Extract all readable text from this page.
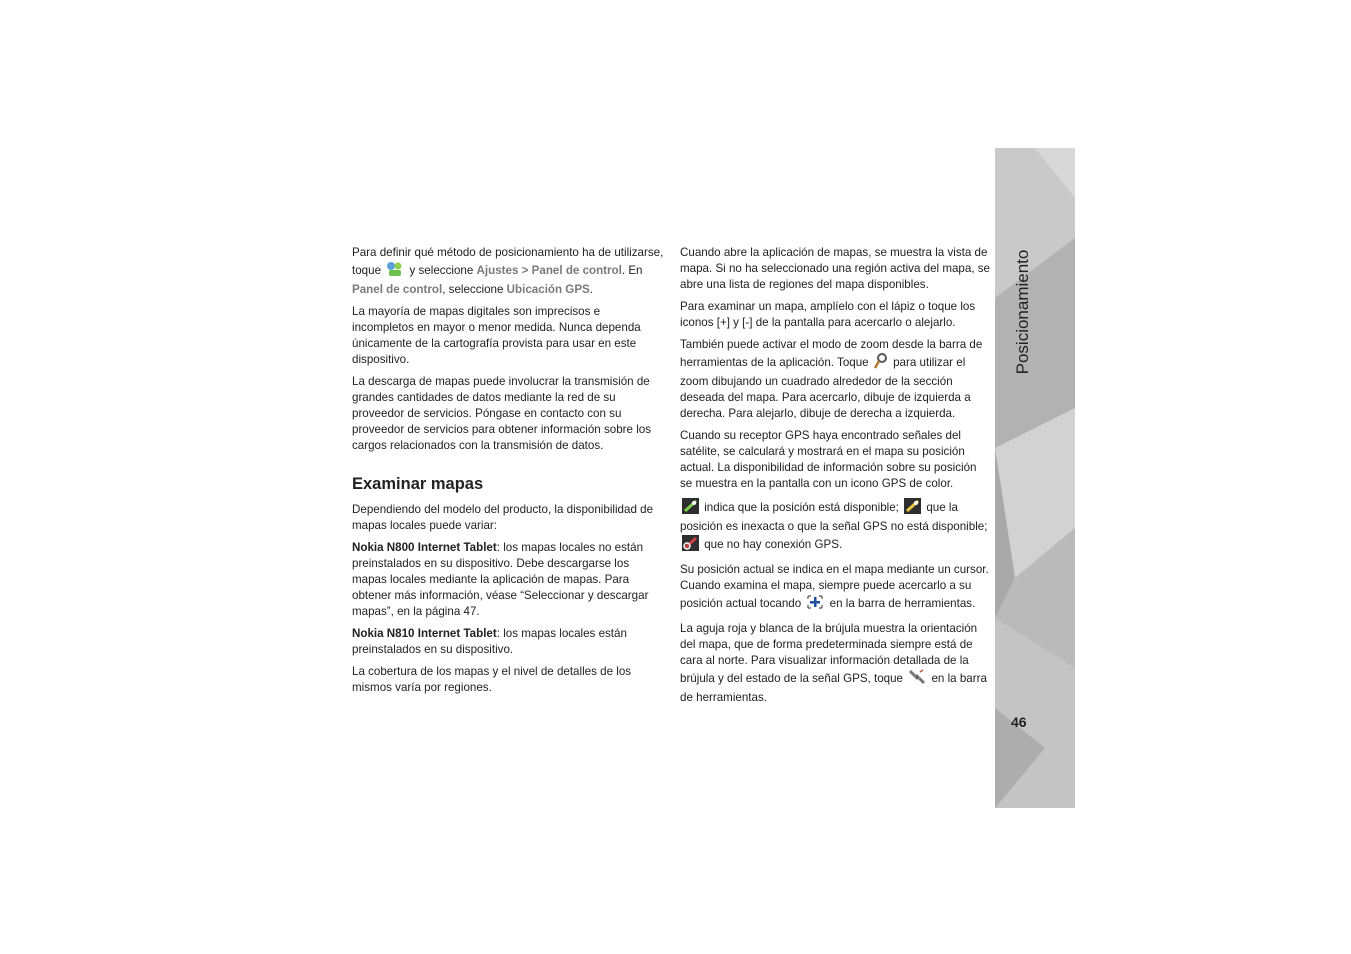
Para definir qué método de posicionamiento ha de utilizarse, toque y seleccione Ajustes > Panel de control. En Panel de control, seleccione Ubicación GPS.

La mayoría de mapas digitales son imprecisos e incompletos en mayor o menor medida. Nunca dependa únicamente de la cartografía provista para usar en este dispositivo.

La descarga de mapas puede involucrar la transmisión de grandes cantidades de datos mediante la red de su proveedor de servicios. Póngase en contacto con su proveedor de servicios para obtener información sobre los cargos relacionados con la transmisión de datos.

Examinar mapas

Dependiendo del modelo del producto, la disponibilidad de mapas locales puede variar:

Nokia N800 Internet Tablet: los mapas locales no están preinstalados en su dispositivo. Debe descargarse los mapas locales mediante la aplicación de mapas. Para obtener más información, véase “Seleccionar y descargar mapas”, en la página 47.

Nokia N810 Internet Tablet: los mapas locales están preinstalados en su dispositivo.

La cobertura de los mapas y el nivel de detalles de los mismos varía por regiones.

Cuando abre la aplicación de mapas, se muestra la vista de mapa. Si no ha seleccionado una región activa del mapa, se abre una lista de regiones del mapa disponibles.

Para examinar un mapa, amplíelo con el lápiz o toque los iconos [+] y [-] de la pantalla para acercarlo o alejarlo.

También puede activar el modo de zoom desde la barra de herramientas de la aplicación. Toque para utilizar el zoom dibujando un cuadrado alrededor de la sección deseada del mapa. Para acercarlo, dibuje de izquierda a derecha. Para alejarlo, dibuje de derecha a izquierda.

Cuando su receptor GPS haya encontrado señales del satélite, se calculará y mostrará en el mapa su posición actual. La disponibilidad de información sobre su posición se muestra en la pantalla con un icono GPS de color.

indica que la posición está disponible; que la posición es inexacta o que la señal GPS no está disponible;  que no hay conexión GPS.

Su posición actual se indica en el mapa mediante un cursor. Cuando examina el mapa, siempre puede acercarlo a su posición actual tocando en la barra de herramientas.

La aguja roja y blanca de la brújula muestra la orientación del mapa, que de forma predeterminada siempre está de cara al norte. Para visualizar información detallada de la brújula y del estado de la señal GPS, toque en la barra de herramientas.

Posicionamiento
46
